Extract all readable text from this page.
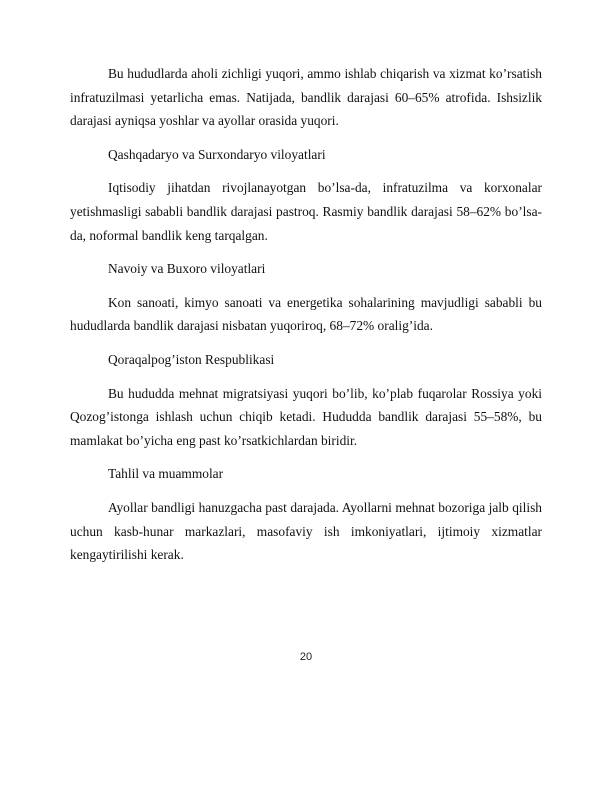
Bu hududlarda aholi zichligi yuqori, ammo ishlab chiqarish va xizmat ko’rsatish infratuzilmasi yetarlicha emas. Natijada, bandlik darajasi 60–65% atrofida. Ishsizlik darajasi ayniqsa yoshlar va ayollar orasida yuqori.

Qashqadaryo va Surxondaryo viloyatlari

Iqtisodiy jihatdan rivojlanayotgan bo’lsa-da, infratuzilma va korxonalar yetishmasligi sababli bandlik darajasi pastroq. Rasmiy bandlik darajasi 58–62% bo’lsa-da, noformal bandlik keng tarqalgan.

Navoiy va Buxoro viloyatlari

Kon sanoati, kimyo sanoati va energetika sohalarining mavjudligi sababli bu hududlarda bandlik darajasi nisbatan yuqoriroq, 68–72% oralig’ida.

Qoraqalpog’iston Respublikasi

Bu hududda mehnat migratsiyasi yuqori bo’lib, ko’plab fuqarolar Rossiya yoki Qozog’istonga ishlash uchun chiqib ketadi. Hududda bandlik darajasi 55–58%, bu mamlakat bo’yicha eng past ko’rsatkichlardan biridir.

Tahlil va muammolar

Ayollar bandligi hanuzgacha past darajada. Ayollarni mehnat bozoriga jalb qilish uchun kasb-hunar markazlari, masofaviy ish imkoniyatlari, ijtimoiy xizmatlar kengaytirilishi kerak.

20
